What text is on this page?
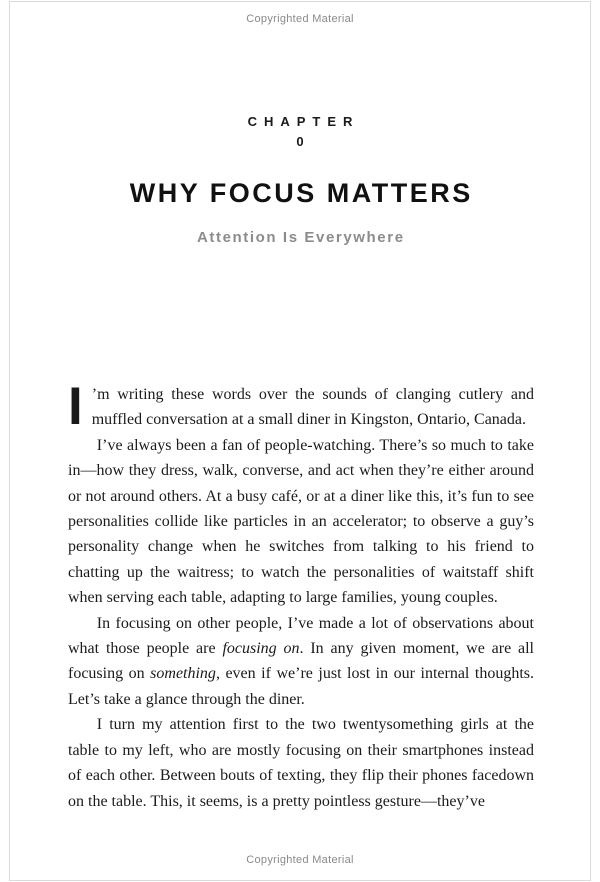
Copyrighted Material
CHAPTER
0
WHY FOCUS MATTERS
Attention Is Everywhere

I ’m writing these words over the sounds of clanging cutlery and muffled conversation at a small diner in Kingston, Ontario, Canada.

I’ve always been a fan of people-watching. There’s so much to take in—how they dress, walk, converse, and act when they’re either around or not around others. At a busy café, or at a diner like this, it’s fun to see personalities collide like particles in an accelerator; to observe a guy’s personality change when he switches from talking to his friend to chatting up the waitress; to watch the personalities of waitstaff shift when serving each table, adapting to large families, young couples.

In focusing on other people, I’ve made a lot of observations about what those people are focusing on. In any given moment, we are all focusing on something, even if we’re just lost in our internal thoughts. Let’s take a glance through the diner.

I turn my attention first to the two twentysomething girls at the table to my left, who are mostly focusing on their smartphones instead of each other. Between bouts of texting, they flip their phones facedown on the table. This, it seems, is a pretty pointless gesture—they’ve

Copyrighted Material
